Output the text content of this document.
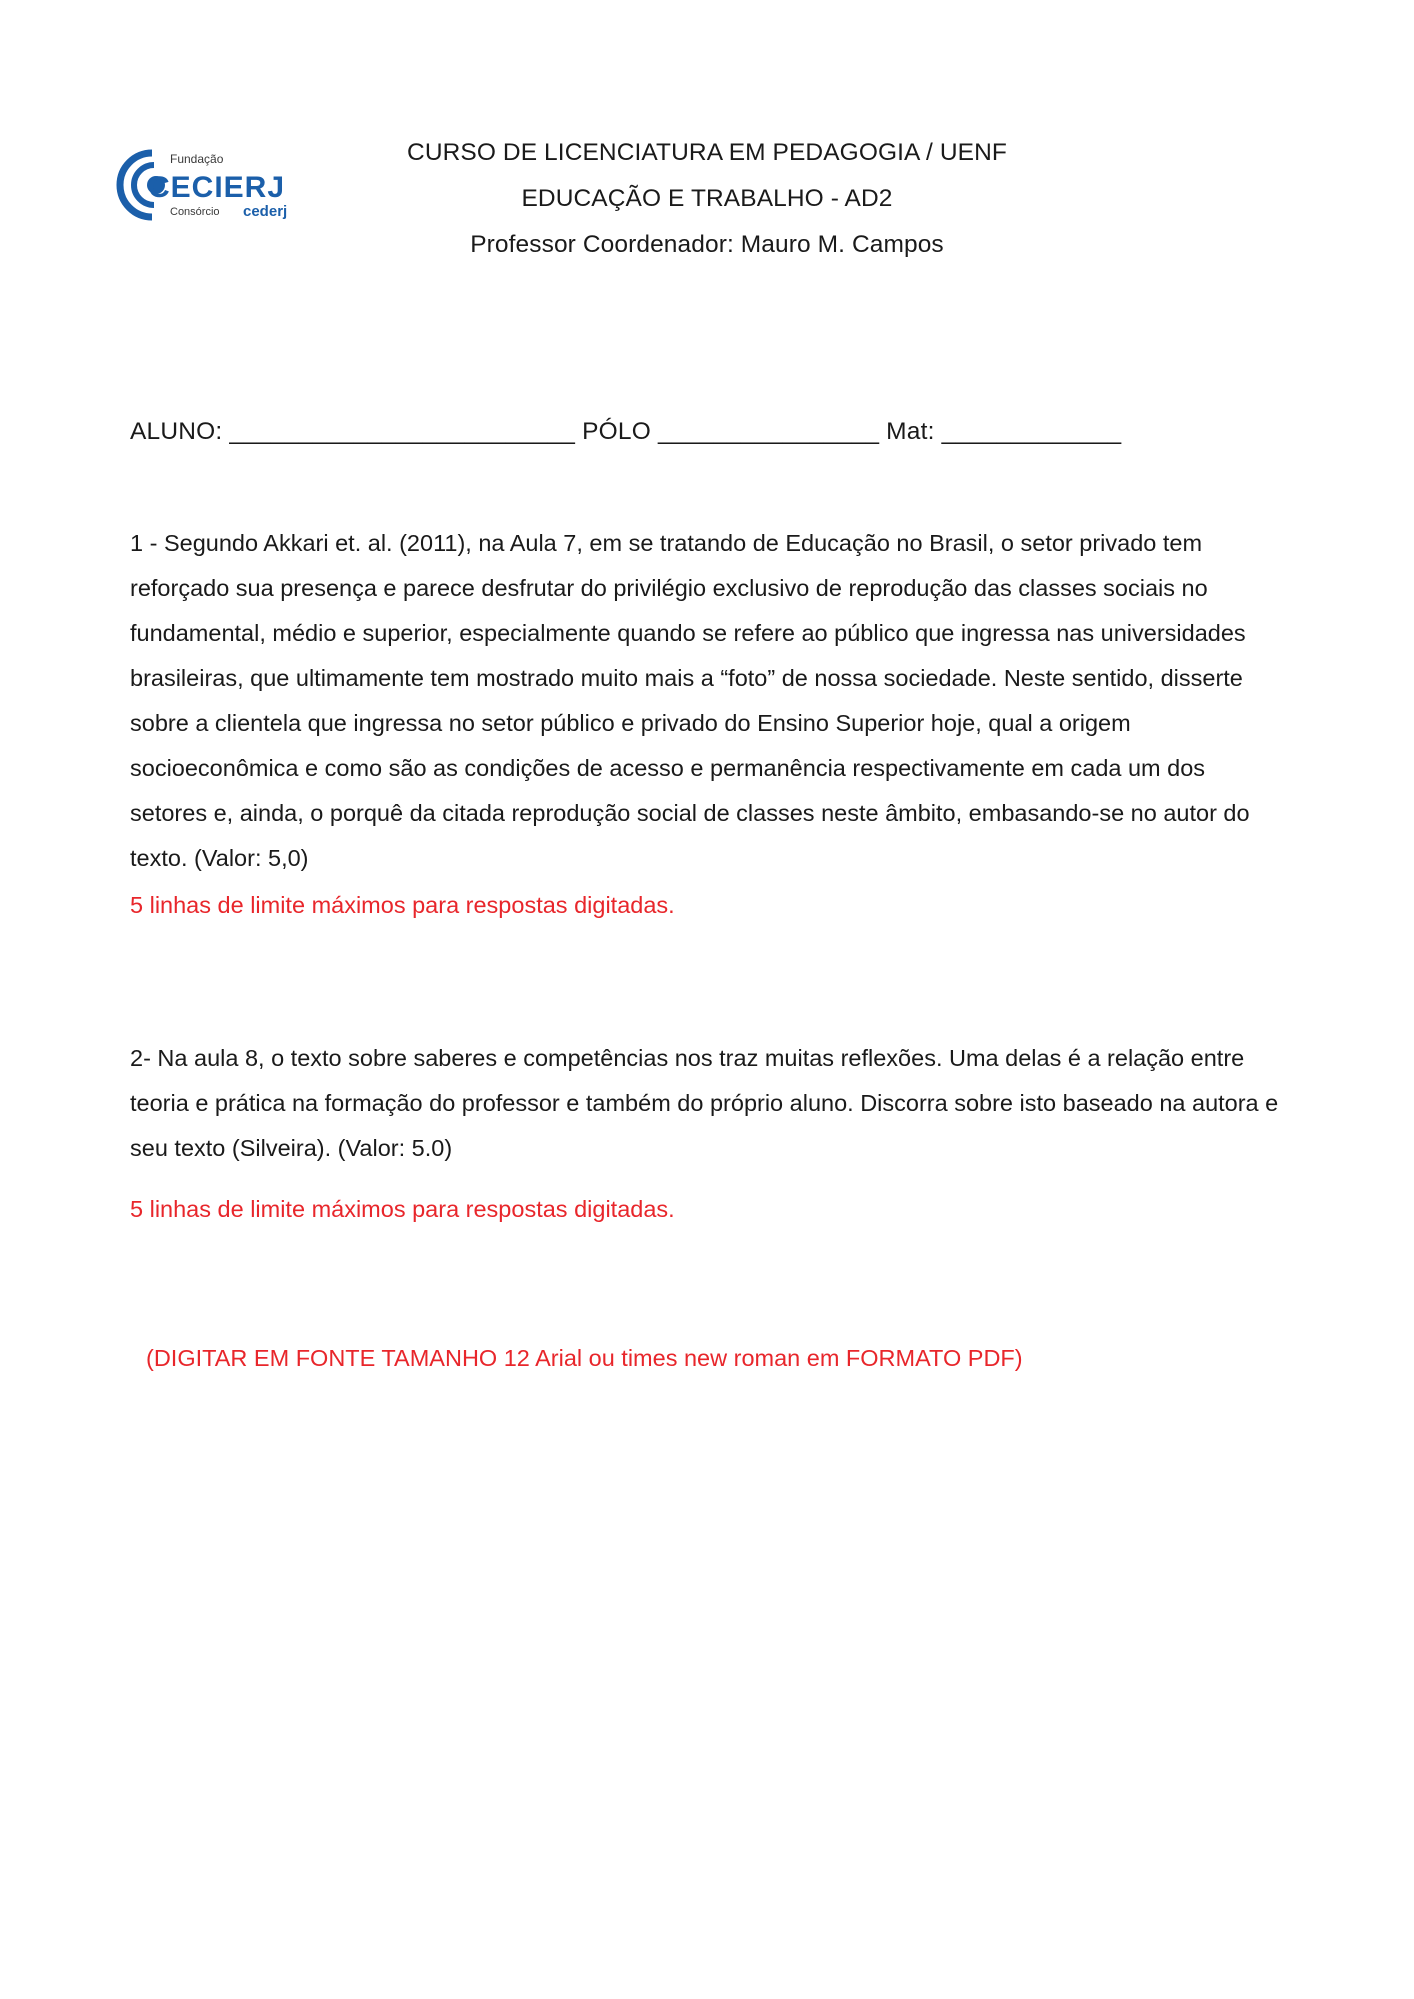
Fundação
CECIERJ
Consórcio cederj
CURSO DE LICENCIATURA EM PEDAGOGIA / UENF
EDUCAÇÃO E TRABALHO - AD2
Professor Coordenador: Mauro M. Campos
ALUNO: _________________________ PÓLO ________________ Mat: _____________

1 - Segundo Akkari et. al. (2011), na Aula 7, em se tratando de Educação no Brasil, o setor privado tem reforçado sua presença e parece desfrutar do privilégio exclusivo de reprodução das classes sociais no fundamental, médio e superior, especialmente quando se refere ao público que ingressa nas universidades brasileiras, que ultimamente tem mostrado muito mais a “foto” de nossa sociedade. Neste sentido, disserte sobre a clientela que ingressa no setor público e privado do Ensino Superior hoje, qual a origem socioeconômica e como são as condições de acesso e permanência respectivamente em cada um dos setores e, ainda, o porquê da citada reprodução social de classes neste âmbito, embasando-se no autor do texto. (Valor: 5,0)

5 linhas de limite máximos para respostas digitadas.

2- Na aula 8, o texto sobre saberes e competências nos traz muitas reflexões. Uma delas é a relação entre teoria e prática na formação do professor e também do próprio aluno. Discorra sobre isto baseado na autora e seu texto (Silveira). (Valor: 5.0)

5 linhas de limite máximos para respostas digitadas.

(DIGITAR EM FONTE TAMANHO 12 Arial ou times new roman em FORMATO PDF)
